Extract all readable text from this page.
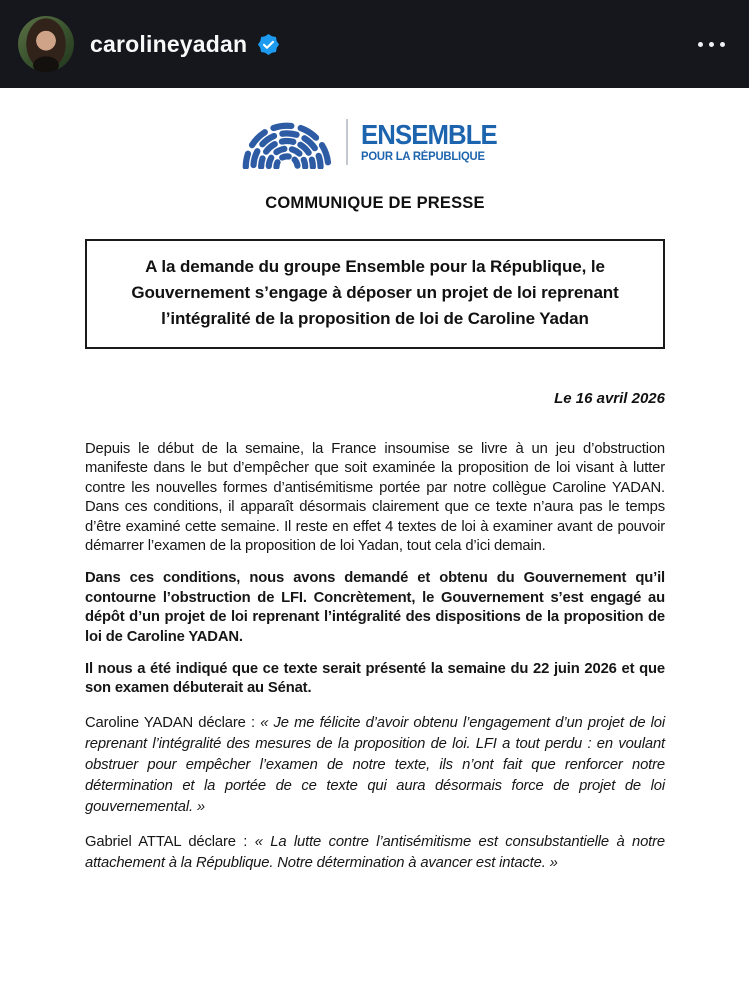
carolineyadan
ENSEMBLE
POUR LA RÉPUBLIQUE
COMMUNIQUE DE PRESSE
A la demande du groupe Ensemble pour la République, le Gouvernement s’engage à déposer un projet de loi reprenant l’intégralité de la proposition de loi de Caroline Yadan
Le 16 avril 2026

Depuis le début de la semaine, la France insoumise se livre à un jeu d’obstruction manifeste dans le but d’empêcher que soit examinée la proposition de loi visant à lutter contre les nouvelles formes d’antisémitisme portée par notre collègue Caroline YADAN. Dans ces conditions, il apparaît désormais clairement que ce texte n’aura pas le temps d’être examiné cette semaine. Il reste en effet 4 textes de loi à examiner avant de pouvoir démarrer l’examen de la proposition de loi Yadan, tout cela d’ici demain.

Dans ces conditions, nous avons demandé et obtenu du Gouvernement qu’il contourne l’obstruction de LFI. Concrètement, le Gouvernement s’est engagé au dépôt d’un projet de loi reprenant l’intégralité des dispositions de la proposition de loi de Caroline YADAN.

Il nous a été indiqué que ce texte serait présenté la semaine du 22 juin 2026 et que son examen débuterait au Sénat.

Caroline YADAN déclare : « Je me félicite d’avoir obtenu l’engagement d’un projet de loi reprenant l’intégralité des mesures de la proposition de loi. LFI a tout perdu : en voulant obstruer pour empêcher l’examen de notre texte, ils n’ont fait que renforcer notre détermination et la portée de ce texte qui aura désormais force de projet de loi gouvernemental. »

Gabriel ATTAL déclare : « La lutte contre l’antisémitisme est consubstantielle à notre attachement à la République. Notre détermination à avancer est intacte. »
